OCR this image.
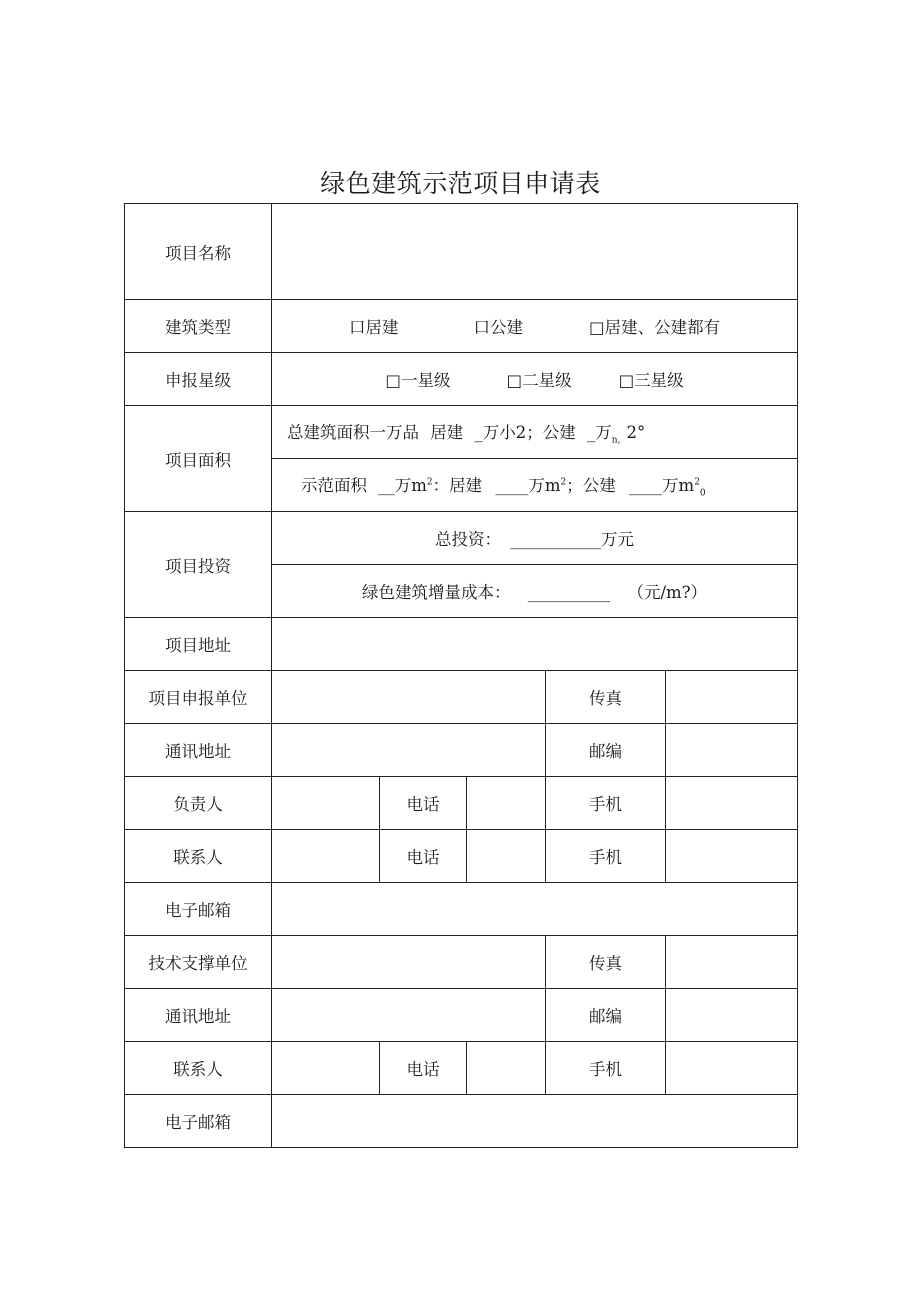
绿色建筑示范项目申请表
项目名称					
建筑类型	口居建 口公建 □居建、公建都有				
申报星级	□一星级 □二星级 □三星级				
项目面积	总建筑面积一万品 居建 _万小2；公建 _万$_{n,}$2°				
	示范面积 __万$m^2$：居建 ____万$m^2$；公建 ____万$m^2_0$
项目投资	总投资： ___________万元				
	绿色建筑增量成本： __________ （元/m?）				
项目地址					
项目申报单位				传真	
通讯地址				邮编	
负责人		电话		手机	
联系人		电话		手机	
电子邮箱					
技术支撑单位				传真	
通讯地址				邮编	
联系人		电话		手机	
电子邮箱					
